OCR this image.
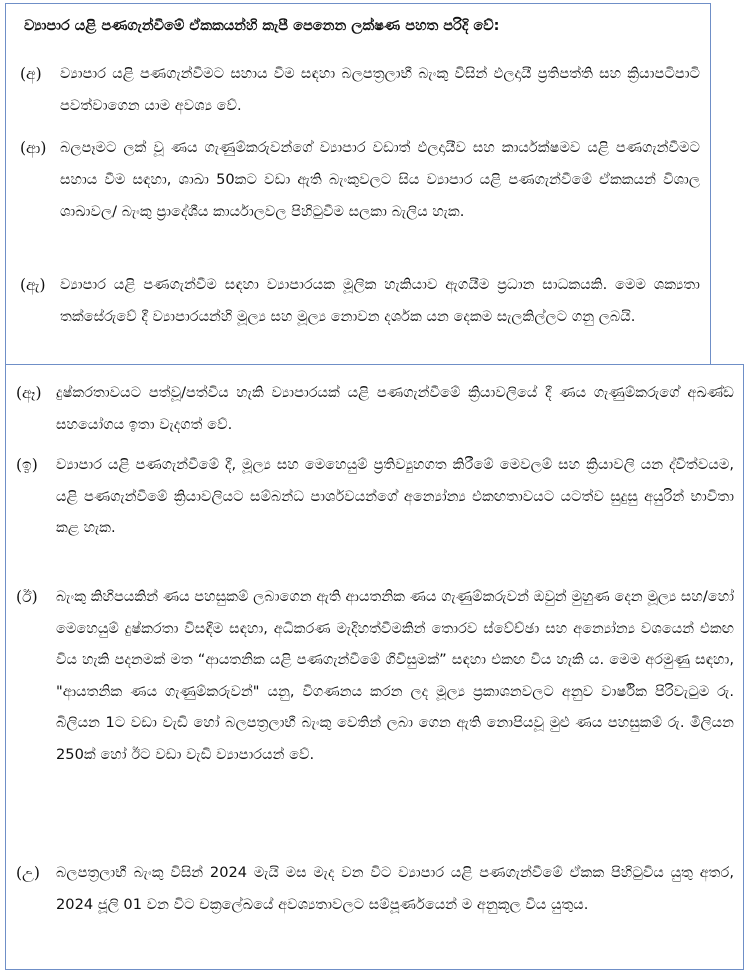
ව්‍යාපාර යළි පණගැන්වීමේ ඒකකයන්හි කැපී පෙනෙන ලක්ෂණ පහත පරිදි වේ:
(අ) ව්‍යාපාර යළි පණගැන්වීමට සහාය වීම සඳහා බලපත්‍රලාභී බැංකු විසින් ඵලදායී ප්‍රතිපත්ති සහ ක්‍රියාපටිපාටි පවත්වාගෙන යාම අවශ්‍ය වේ.
(ආ) බලපෑමට ලක් වූ ණය ගැණුම්කරුවන්ගේ ව්‍යාපාර වඩාත් ඵලදායීව සහ කාර්යක්ෂමව යළි පණගැන්වීමට සහාය වීම සඳහා, ශාඛා 50කට වඩා ඇති බැංකුවලට සිය ව්‍යාපාර යළි පණගැන්වීමේ ඒකකයන් විශාල ශාඛාවල/ බැංකු ප්‍රාදේශීය කාර්යාලවල පිහිටුවීම සලකා බැලිය හැක.
(ඇ) ව්‍යාපාර යළි පණගැන්වීම සඳහා ව්‍යාපාරයක මූලික හැකියාව ඇගයීම ප්‍රධාන සාධකයකි. මෙම ශක්‍යතා තක්සේරුවේ දී ව්‍යාපාරයන්හි මූල්‍ය සහ මූල්‍ය නොවන දර්ශක යන දෙකම සැලකිල්ලට ගනු ලබයි.
(ඈ) දුෂ්කරතාවයට පත්වූ/පත්විය හැකි ව්‍යාපාරයක් යළි පණගැන්වීමේ ක්‍රියාවලියේ දී ණය ගැණුම්කරුගේ අඛණ්ඩ සහයෝගය ඉතා වැදගත් වේ.
(ඉ) ව්‍යාපාර යළි පණගැන්වීමේ දී, මූල්‍ය සහ මෙහෙයුම් ප්‍රතිව්‍යුහගත කිරීමේ මෙවලම් සහ ක්‍රියාවලි යන ද්විත්වයම, යළි පණගැන්වීමේ ක්‍රියාවලියට සම්බන්ධ පාර්ශවයන්ගේ අන්‍යෝන්‍ය එකඟතාවයට යටත්ව සුදුසු අයුරින් භාවිතා කළ හැක.
(ඊ) බැංකු කිහිපයකින් ණය පහසුකම් ලබාගෙන ඇති ආයතනික ණය ගැණුම්කරුවන් ඔවුන් මුහුණ දෙන මූල්‍ය සහ/හෝ මෙහෙයුම් දුෂ්කරතා විසඳීම සඳහා, අධිකරණ මැදිහත්වීමකින් තොරව ස්වේච්ඡා සහ අන්‍යෝන්‍ය වශයෙන් එකඟ විය හැකි පදනමක් මත “ආයතනික යළි පණගැන්වීමේ ගිවිසුමක්” සඳහා එකඟ විය හැකි ය. මෙම අරමුණු සඳහා, "ආයතනික ණය ගැණුම්කරුවන්" යනු, විගණනය කරන ලද මූල්‍ය ප්‍රකාශනවලට අනුව වාර්ෂික පිරිවැටුම රු. බිලියන 1ට වඩා වැඩි හෝ බලපත්‍රලාභී බැංකු වෙතින් ලබා ගෙන ඇති නොපියවූ මුළු ණය පහසුකම් රු. මිලියන 250ක් හෝ ඊට වඩා වැඩි ව්‍යාපාරයන් වේ.
(උ) බලපත්‍රලාභී බැංකු විසින් 2024 මැයි මස මැද වන විට ව්‍යාපාර යළි පණගැන්වීමේ ඒකක පිහිටුවිය යුතු අතර, 2024 ජූලි 01 වන විට චක්‍රලේඛයේ අවශ්‍යතාවලට සම්පූර්ණයෙන් ම අනුකූල විය යුතුය.
